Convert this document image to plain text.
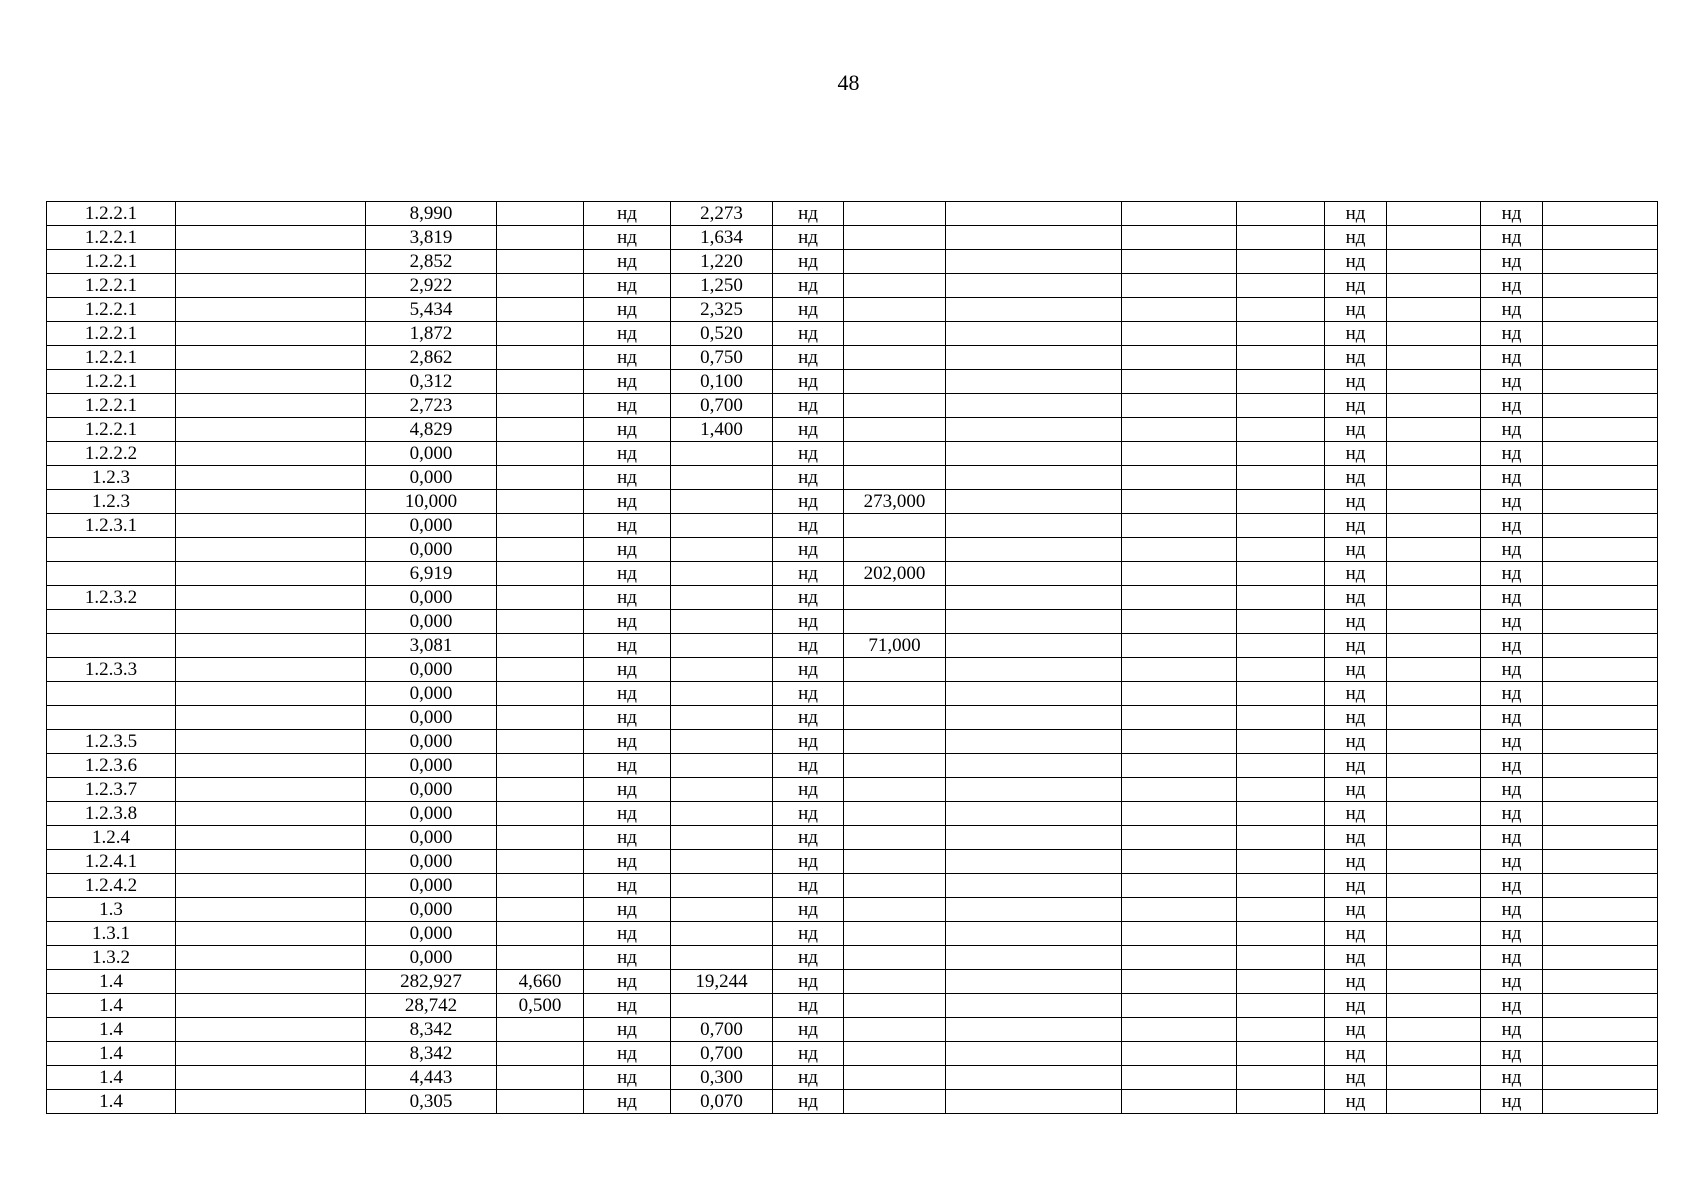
48
1.2.2.1		8,990		нд	2,273	нд					нд		нд	
1.2.2.1		3,819		нд	1,634	нд					нд		нд	
1.2.2.1		2,852		нд	1,220	нд					нд		нд	
1.2.2.1		2,922		нд	1,250	нд					нд		нд	
1.2.2.1		5,434		нд	2,325	нд					нд		нд	
1.2.2.1		1,872		нд	0,520	нд					нд		нд	
1.2.2.1		2,862		нд	0,750	нд					нд		нд	
1.2.2.1		0,312		нд	0,100	нд					нд		нд	
1.2.2.1		2,723		нд	0,700	нд					нд		нд	
1.2.2.1		4,829		нд	1,400	нд					нд		нд	
1.2.2.2		0,000		нд		нд					нд		нд	
1.2.3		0,000		нд		нд					нд		нд	
1.2.3		10,000		нд		нд	273,000				нд		нд	
1.2.3.1		0,000		нд		нд					нд		нд	
		0,000		нд		нд					нд		нд	
		6,919		нд		нд	202,000				нд		нд	
1.2.3.2		0,000		нд		нд					нд		нд	
		0,000		нд		нд					нд		нд	
		3,081		нд		нд	71,000				нд		нд	
1.2.3.3		0,000		нд		нд					нд		нд	
		0,000		нд		нд					нд		нд	
		0,000		нд		нд					нд		нд	
1.2.3.5		0,000		нд		нд					нд		нд	
1.2.3.6		0,000		нд		нд					нд		нд	
1.2.3.7		0,000		нд		нд					нд		нд	
1.2.3.8		0,000		нд		нд					нд		нд	
1.2.4		0,000		нд		нд					нд		нд	
1.2.4.1		0,000		нд		нд					нд		нд	
1.2.4.2		0,000		нд		нд					нд		нд	
1.3		0,000		нд		нд					нд		нд	
1.3.1		0,000		нд		нд					нд		нд	
1.3.2		0,000		нд		нд					нд		нд	
1.4		282,927	4,660	нд	19,244	нд					нд		нд	
1.4		28,742	0,500	нд		нд					нд		нд	
1.4		8,342		нд	0,700	нд					нд		нд	
1.4		8,342		нд	0,700	нд					нд		нд	
1.4		4,443		нд	0,300	нд					нд		нд	
1.4		0,305		нд	0,070	нд					нд		нд	
